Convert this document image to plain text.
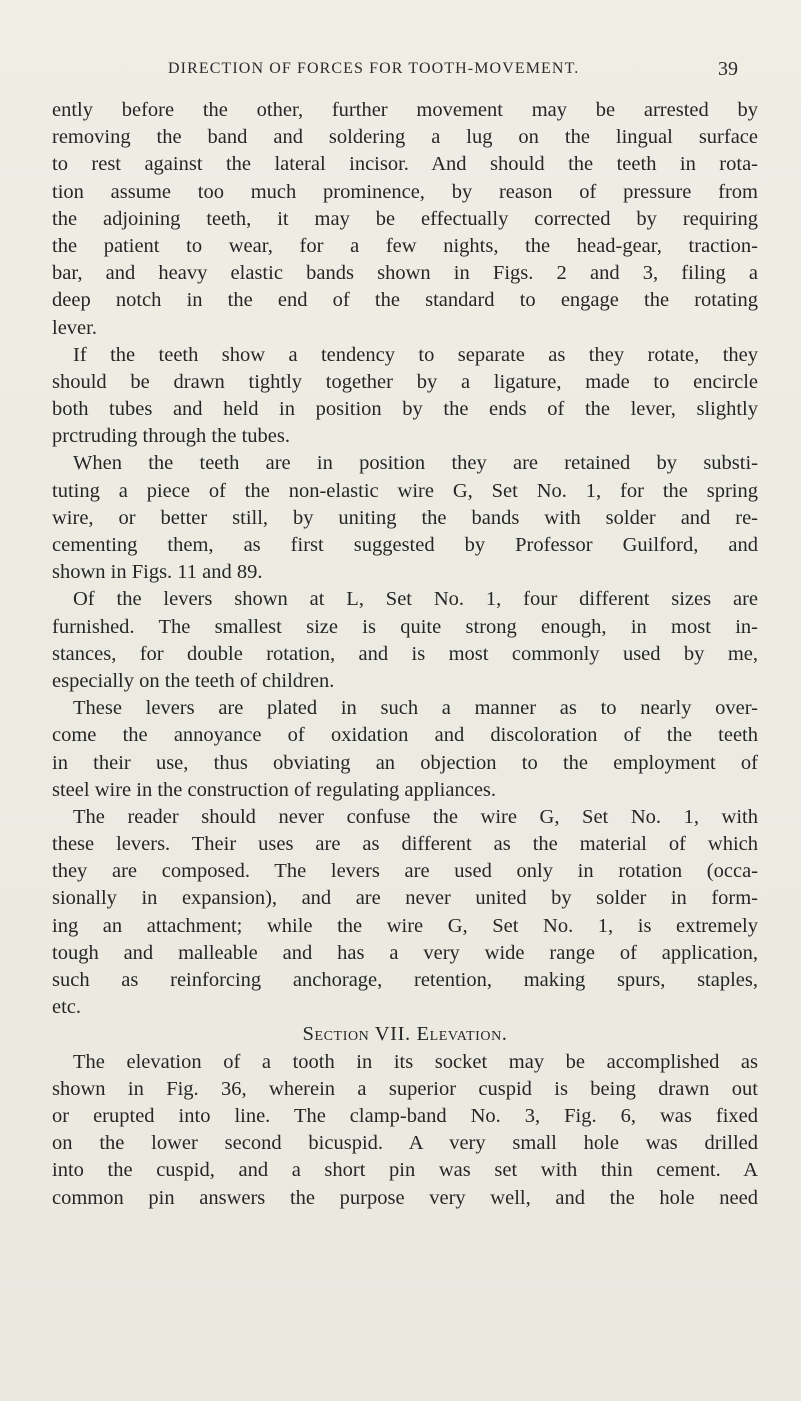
DIRECTION OF FORCES FOR TOOTH-MOVEMENT.	39
ently before the other, further movement may be arrested by
removing the band and soldering a lug on the lingual surface
to rest against the lateral incisor. And should the teeth in rota-
tion assume too much prominence, by reason of pressure from
the adjoining teeth, it may be effectually corrected by requiring
the patient to wear, for a few nights, the head-gear, traction-
bar, and heavy elastic bands shown in Figs. 2 and 3, filing a
deep notch in the end of the standard to engage the rotating
lever.
If the teeth show a tendency to separate as they rotate, they
should be drawn tightly together by a ligature, made to encircle
both tubes and held in position by the ends of the lever, slightly
prctruding through the tubes.
When the teeth are in position they are retained by substi-
tuting a piece of the non-elastic wire G, Set No. 1, for the spring
wire, or better still, by uniting the bands with solder and re-
cementing them, as first suggested by Professor Guilford, and
shown in Figs. 11 and 89.
Of the levers shown at L, Set No. 1, four different sizes are
furnished. The smallest size is quite strong enough, in most in-
stances, for double rotation, and is most commonly used by me,
especially on the teeth of children.
These levers are plated in such a manner as to nearly over-
come the annoyance of oxidation and discoloration of the teeth
in their use, thus obviating an objection to the employment of
steel wire in the construction of regulating appliances.
The reader should never confuse the wire G, Set No. 1, with
these levers. Their uses are as different as the material of which
they are composed. The levers are used only in rotation (occa-
sionally in expansion), and are never united by solder in form-
ing an attachment; while the wire G, Set No. 1, is extremely
tough and malleable and has a very wide range of application,
such as reinforcing anchorage, retention, making spurs, staples,
etc.
Section VII. Elevation.
The elevation of a tooth in its socket may be accomplished as
shown in Fig. 36, wherein a superior cuspid is being drawn out
or erupted into line. The clamp-band No. 3, Fig. 6, was fixed
on the lower second bicuspid. A very small hole was drilled
into the cuspid, and a short pin was set with thin cement. A
common pin answers the purpose very well, and the hole need
